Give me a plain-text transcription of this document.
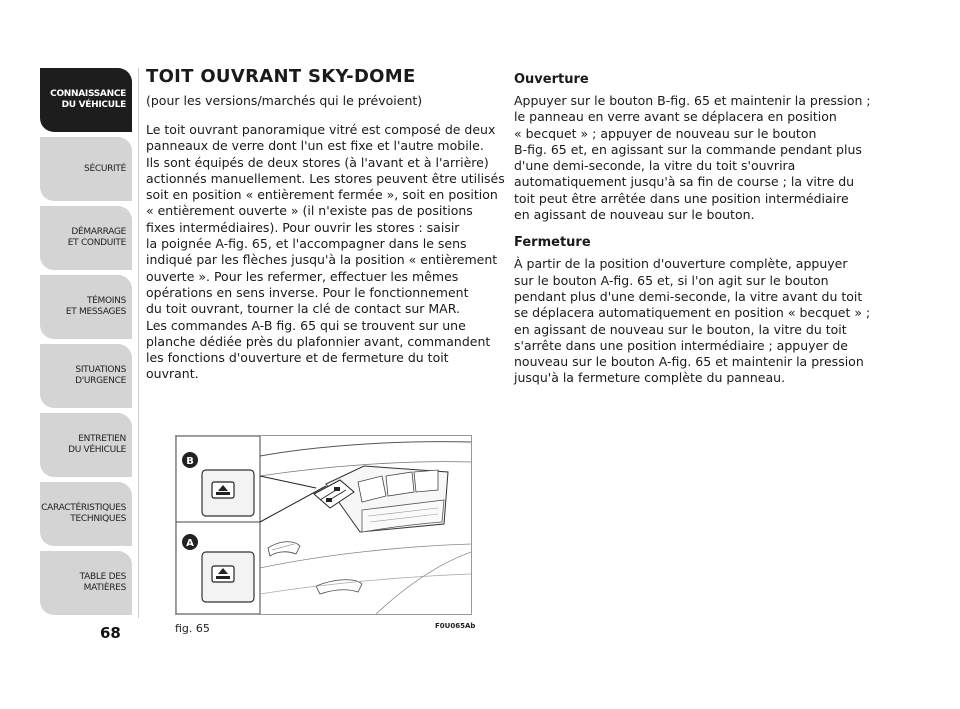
CONNAISSANCE
DU VÉHICULE
SÉCURITÉ
DÉMARRAGE
ET CONDUITE
TÉMOINS
ET MESSAGES
SITUATIONS
D'URGENCE
ENTRETIEN
DU VÉHICULE
CARACTÉRISTIQUES
TECHNIQUES
TABLE DES
MATIÈRES
68
TOIT OUVRANT SKY-DOME
(pour les versions/marchés qui le prévoient)
Le toit ouvrant panoramique vitré est composé de deux
panneaux de verre dont l'un est fixe et l'autre mobile.
Ils sont équipés de deux stores (à l'avant et à l'arrière)
actionnés manuellement. Les stores peuvent être utilisés
soit en position « entièrement fermée », soit en position
« entièrement ouverte » (il n'existe pas de positions
fixes intermédiaires). Pour ouvrir les stores : saisir
la poignée A-fig. 65, et l'accompagner dans le sens
indiqué par les flèches jusqu'à la position « entièrement
ouverte ». Pour les refermer, effectuer les mêmes
opérations en sens inverse. Pour le fonctionnement
du toit ouvrant, tourner la clé de contact sur MAR.
Les commandes A-B fig. 65 qui se trouvent sur une
planche dédiée près du plafonnier avant, commandent
les fonctions d'ouverture et de fermeture du toit
ouvrant.
Ouverture
Appuyer sur le bouton B-fig. 65 et maintenir la pression ;
le panneau en verre avant se déplacera en position
« becquet » ; appuyer de nouveau sur le bouton
B-fig. 65 et, en agissant sur la commande pendant plus
d'une demi-seconde, la vitre du toit s'ouvrira
automatiquement jusqu'à sa fin de course ; la vitre du
toit peut être arrêtée dans une position intermédiaire
en agissant de nouveau sur le bouton.
Fermeture
À partir de la position d'ouverture complète, appuyer
sur le bouton A-fig. 65 et, si l'on agit sur le bouton
pendant plus d'une demi-seconde, la vitre avant du toit
se déplacera automatiquement en position « becquet » ;
en agissant de nouveau sur le bouton, la vitre du toit
s'arrête dans une position intermédiaire ; appuyer de
nouveau sur le bouton A-fig. 65 et maintenir la pression
jusqu'à la fermeture complète du panneau.
B
A
fig. 65	F0U065Ab
